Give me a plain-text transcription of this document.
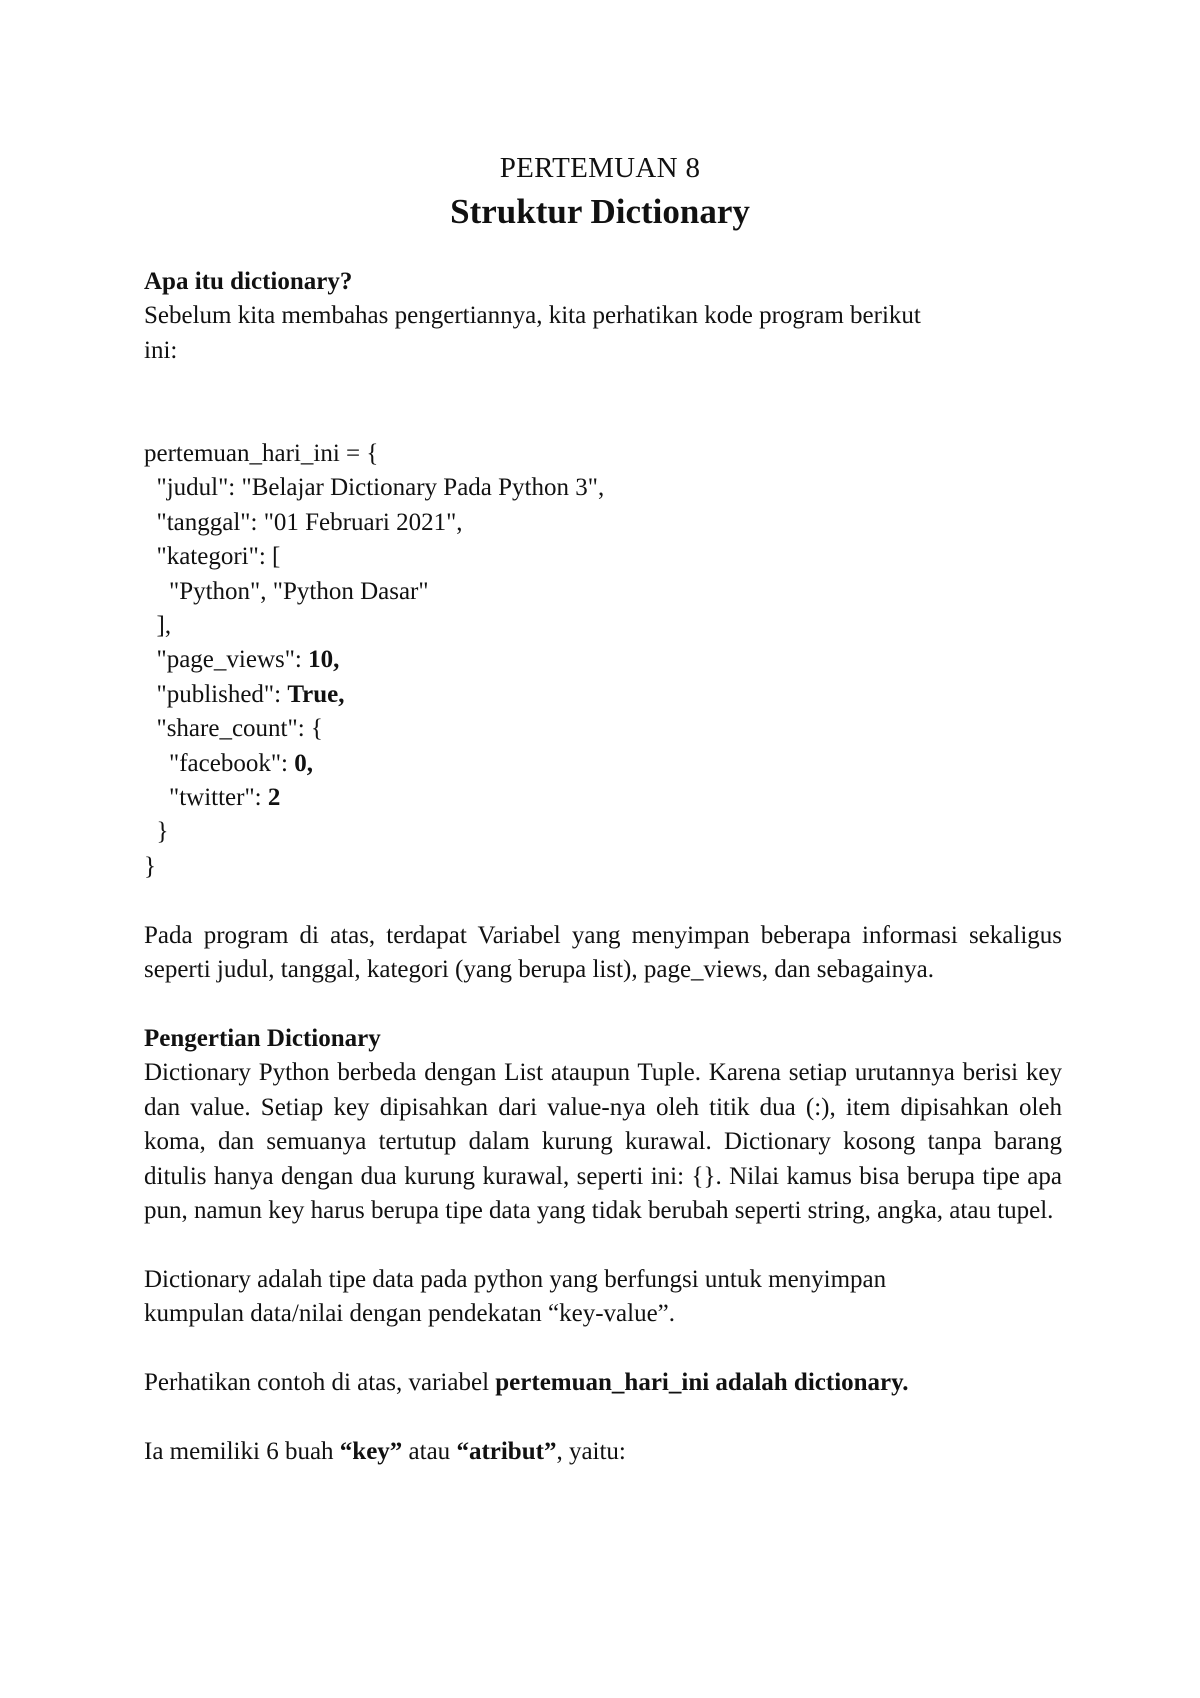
PERTEMUAN 8
Struktur Dictionary

Apa itu dictionary?

Sebelum kita membahas pengertiannya, kita perhatikan kode program berikut

ini:

pertemuan_hari_ini = {

"judul": "Belajar Dictionary Pada Python 3",

"tanggal": "01 Februari 2021",

"kategori": [

"Python", "Python Dasar"

],

"page_views": 10,

"published": True,

"share_count": {

"facebook": 0,

"twitter": 2

}

}

Pada program di atas, terdapat Variabel yang menyimpan beberapa informasi sekaligus seperti judul, tanggal, kategori (yang berupa list), page_views, dan sebagainya.

Pengertian Dictionary

Dictionary Python berbeda dengan List ataupun Tuple. Karena setiap urutannya berisi key dan value. Setiap key dipisahkan dari value-nya oleh titik dua (:), item dipisahkan oleh koma, dan semuanya tertutup dalam kurung kurawal. Dictionary kosong tanpa barang ditulis hanya dengan dua kurung kurawal, seperti ini: {}. Nilai kamus bisa berupa tipe apa pun, namun key harus berupa tipe data yang tidak berubah seperti string, angka, atau tupel.

Dictionary adalah tipe data pada python yang berfungsi untuk menyimpan

kumpulan data/nilai dengan pendekatan “key-value”.

Perhatikan contoh di atas, variabel pertemuan_hari_ini adalah dictionary.

Ia memiliki 6 buah “key” atau “atribut”, yaitu:
